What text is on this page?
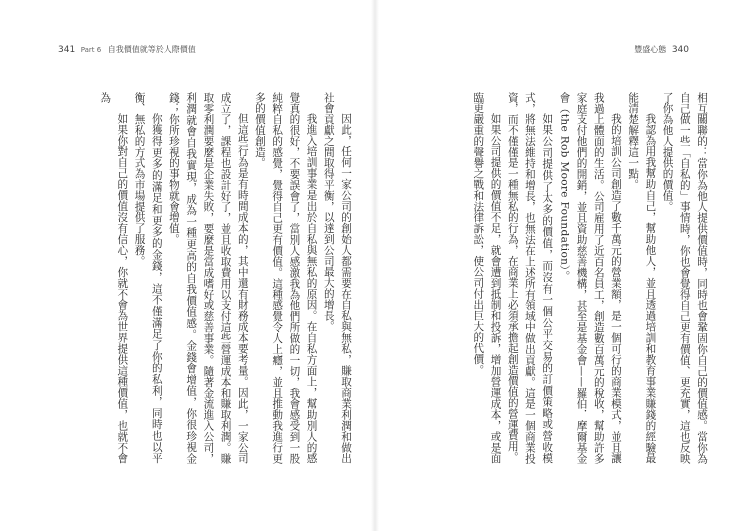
341 Part 6 自我價值就等於人際價值

因此，任何一家公司的創始人都需要在自私與無私，賺取商業利潤和做出社會貢獻之間取得平衡，以達到公司最大的增長。

我進入培訓事業是出於自私與無私的原因。在自私方面上，幫助別人的感覺真的很好，不要誤會了，當別人感激我為他們所做的一切，我會感受到一股純粹自私的感覺，覺得自己更有價值。這種感覺令人上癮，並且推動我進行更多的價值創造。

但這些行為是有時間成本的，其中還有財務成本要考量。因此，一家公司成立了，課程也設計好了，並且收取費用以支付這些營運成本和賺取利潤。賺取零利潤要麼是企業失敗，要麼是當成嗜好或慈善事業。隨著金流進入公司，利潤就會自我實現，成為一種更高的自我價值感。金錢會增值，你很珍視金錢；你所珍視的事物就會增值。

你獲得更多的滿足和更多的金錢，這不僅滿足了你的私利，同時也以平衡、無私的方式為市場提供了服務。

如果你對自己的價值沒有信心，你就不會為世界提供這種價值，也就不會為

豐盛心態 340

相互關聯的：當你為他人提供價值時，同時也會鞏固你自己的價值感。當你為自己做一些「自私的」事情時，你也會覺得自己更有價值、更充實，這也反映了你為他人提供的價值。

我認為用我幫助自己，幫助他人，並且透過培訓和教育事業賺錢的經驗最能清楚解釋這一點。

我的培訓公司創造了數千萬元的營業額，是一個可行的商業模式，並且讓我過上體面的生活。公司雇用了近百名員工，創造數百萬元的稅收，幫助許多家庭支付他們的開銷，並且資助慈善機構，甚至是基金會——羅伯．摩爾基金會（the Rob Moore Foundation）。

如果公司提供了太多的價值，而沒有一個公平交易的訂價策略或營收模式，將無法維持和增長，也無法在上述所有領域中做出貢獻。這是一個商業投資，而不僅僅是一種無私的行為，在商業上必須承擔起創造價值的營運費用。

如果公司提供的價值不足，就會遭到抵制和投訴，增加營運成本，或是面臨更嚴重的聲譽之戰和法律訴訟，使公司付出巨大的代價。
